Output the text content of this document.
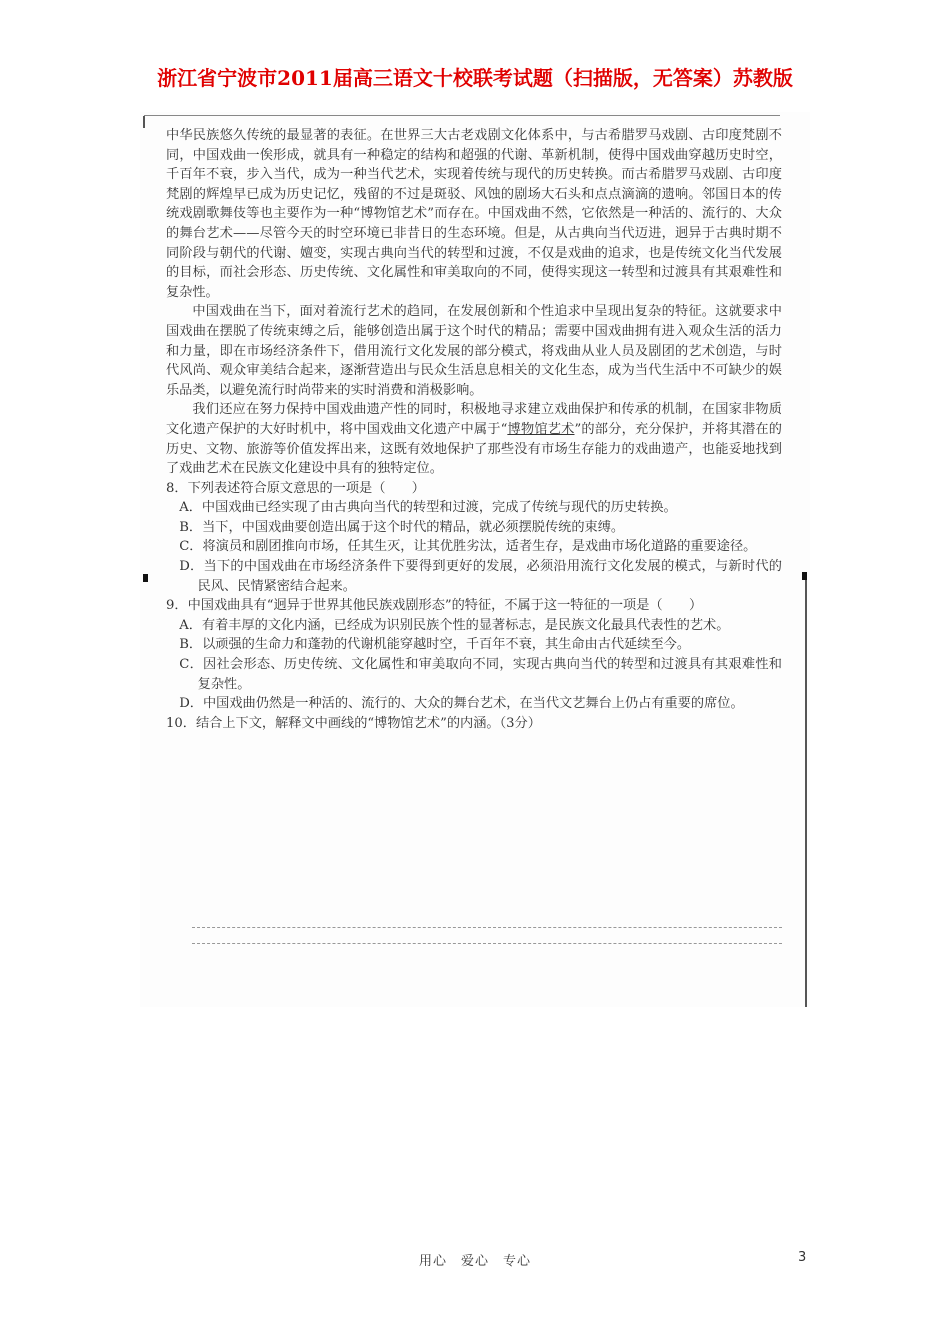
浙江省宁波市2011届高三语文十校联考试题（扫描版，无答案）苏教版

中华民族悠久传统的最显著的表征。在世界三大古老戏剧文化体系中，与古希腊罗马戏剧、古印度梵剧不同，中国戏曲一俟形成，就具有一种稳定的结构和超强的代谢、革新机制，使得中国戏曲穿越历史时空，千百年不衰，步入当代，成为一种当代艺术，实现着传统与现代的历史转换。而古希腊罗马戏剧、古印度梵剧的辉煌早已成为历史记忆，残留的不过是斑驳、风蚀的剧场大石头和点点滴滴的遗响。邻国日本的传统戏剧歌舞伎等也主要作为一种“博物馆艺术”而存在。中国戏曲不然，它依然是一种活的、流行的、大众的舞台艺术——尽管今天的时空环境已非昔日的生态环境。但是，从古典向当代迈进，迥异于古典时期不同阶段与朝代的代谢、嬗变，实现古典向当代的转型和过渡，不仅是戏曲的追求，也是传统文化当代发展的目标，而社会形态、历史传统、文化属性和审美取向的不同，使得实现这一转型和过渡具有其艰难性和复杂性。

中国戏曲在当下，面对着流行艺术的趋同，在发展创新和个性追求中呈现出复杂的特征。这就要求中国戏曲在摆脱了传统束缚之后，能够创造出属于这个时代的精品；需要中国戏曲拥有进入观众生活的活力和力量，即在市场经济条件下，借用流行文化发展的部分模式，将戏曲从业人员及剧团的艺术创造，与时代风尚、观众审美结合起来，逐渐营造出与民众生活息息相关的文化生态，成为当代生活中不可缺少的娱乐品类，以避免流行时尚带来的实时消费和消极影响。

我们还应在努力保持中国戏曲遗产性的同时，积极地寻求建立戏曲保护和传承的机制，在国家非物质文化遗产保护的大好时机中，将中国戏曲文化遗产中属于“博物馆艺术”的部分，充分保护，并将其潜在的历史、文物、旅游等价值发挥出来，这既有效地保护了那些没有市场生存能力的戏曲遗产，也能妥地找到了戏曲艺术在民族文化建设中具有的独特定位。

8．下列表述符合原文意思的一项是（　　）

A．中国戏曲已经实现了由古典向当代的转型和过渡，完成了传统与现代的历史转换。

B．当下，中国戏曲要创造出属于这个时代的精品，就必须摆脱传统的束缚。

C．将演员和剧团推向市场，任其生灭，让其优胜劣汰，适者生存，是戏曲市场化道路的重要途径。

D．当下的中国戏曲在市场经济条件下要得到更好的发展，必须沿用流行文化发展的模式，与新时代的民风、民情紧密结合起来。

9．中国戏曲具有“迥异于世界其他民族戏剧形态”的特征，不属于这一特征的一项是（　　）

A．有着丰厚的文化内涵，已经成为识别民族个性的显著标志，是民族文化最具代表性的艺术。

B．以顽强的生命力和蓬勃的代谢机能穿越时空，千百年不衰，其生命由古代延续至今。

C．因社会形态、历史传统、文化属性和审美取向不同，实现古典向当代的转型和过渡具有其艰难性和复杂性。

D．中国戏曲仍然是一种活的、流行的、大众的舞台艺术，在当代文艺舞台上仍占有重要的席位。

10．结合上下文，解释文中画线的“博物馆艺术”的内涵。（3分）

用心　爱心　专心	3
